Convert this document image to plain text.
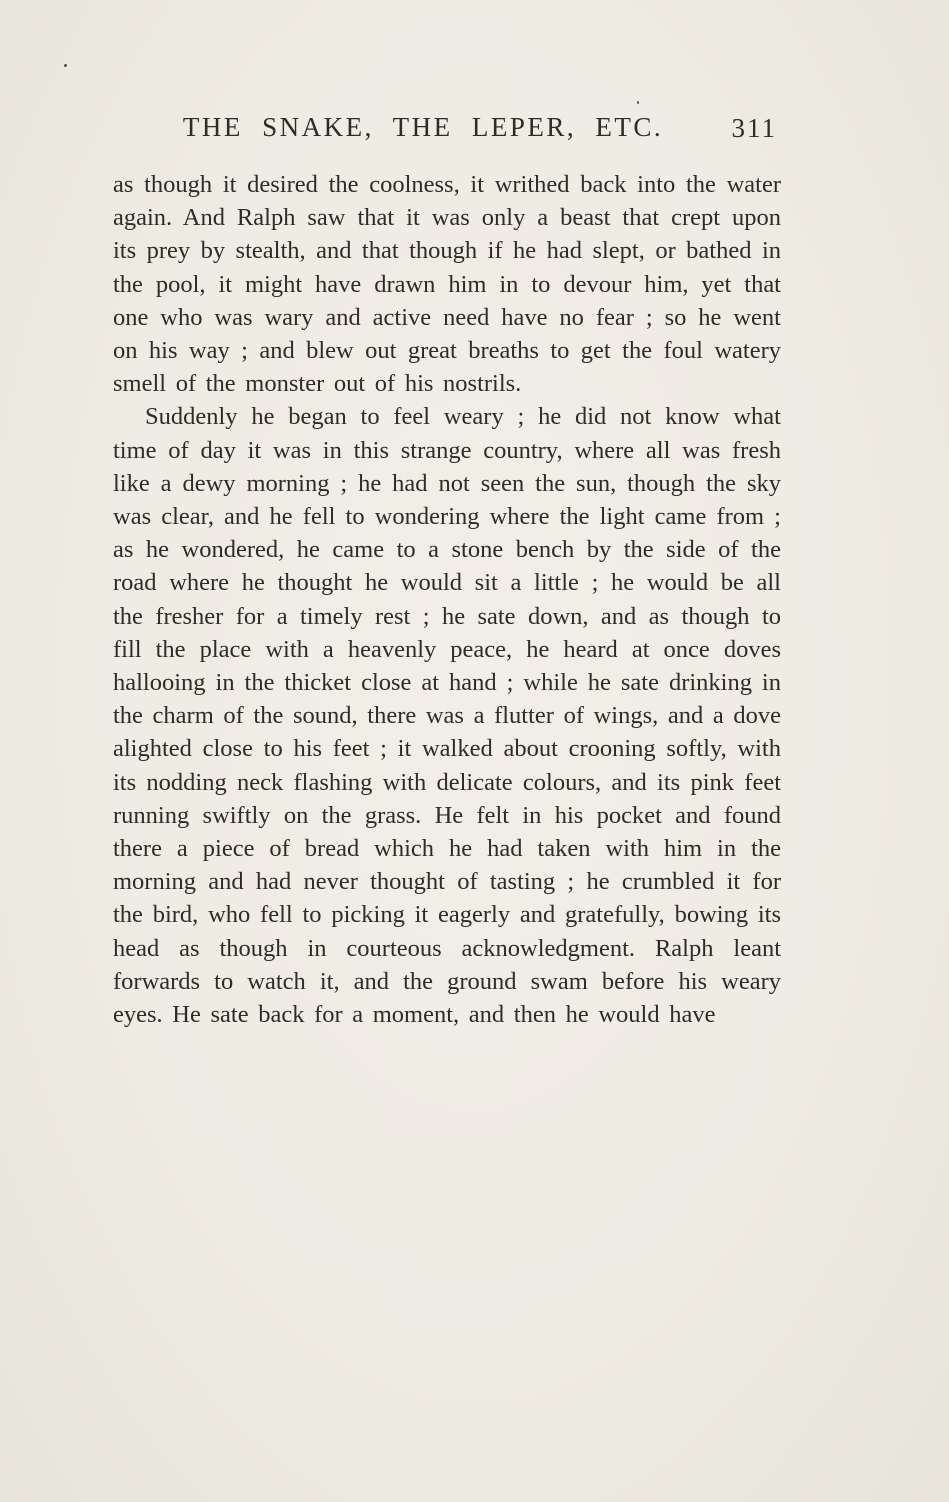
THE SNAKE, THE LEPER, ETC.	311

as though it desired the coolness, it writhed back into the water again. And Ralph saw that it was only a beast that crept upon its prey by stealth, and that though if he had slept, or bathed in the pool, it might have drawn him in to devour him, yet that one who was wary and active need have no fear ; so he went on his way ; and blew out great breaths to get the foul watery smell of the monster out of his nostrils.

Suddenly he began to feel weary ; he did not know what time of day it was in this strange country, where all was fresh like a dewy morning ; he had not seen the sun, though the sky was clear, and he fell to wondering where the light came from ; as he wondered, he came to a stone bench by the side of the road where he thought he would sit a little ; he would be all the fresher for a timely rest ; he sate down, and as though to fill the place with a heavenly peace, he heard at once doves hallooing in the thicket close at hand ; while he sate drinking in the charm of the sound, there was a flutter of wings, and a dove alighted close to his feet ; it walked about crooning softly, with its nodding neck flashing with delicate colours, and its pink feet running swiftly on the grass. He felt in his pocket and found there a piece of bread which he had taken with him in the morning and had never thought of tasting ; he crumbled it for the bird, who fell to picking it eagerly and gratefully, bowing its head as though in courteous acknowledgment. Ralph leant forwards to watch it, and the ground swam before his weary eyes. He sate back for a moment, and then he would have
